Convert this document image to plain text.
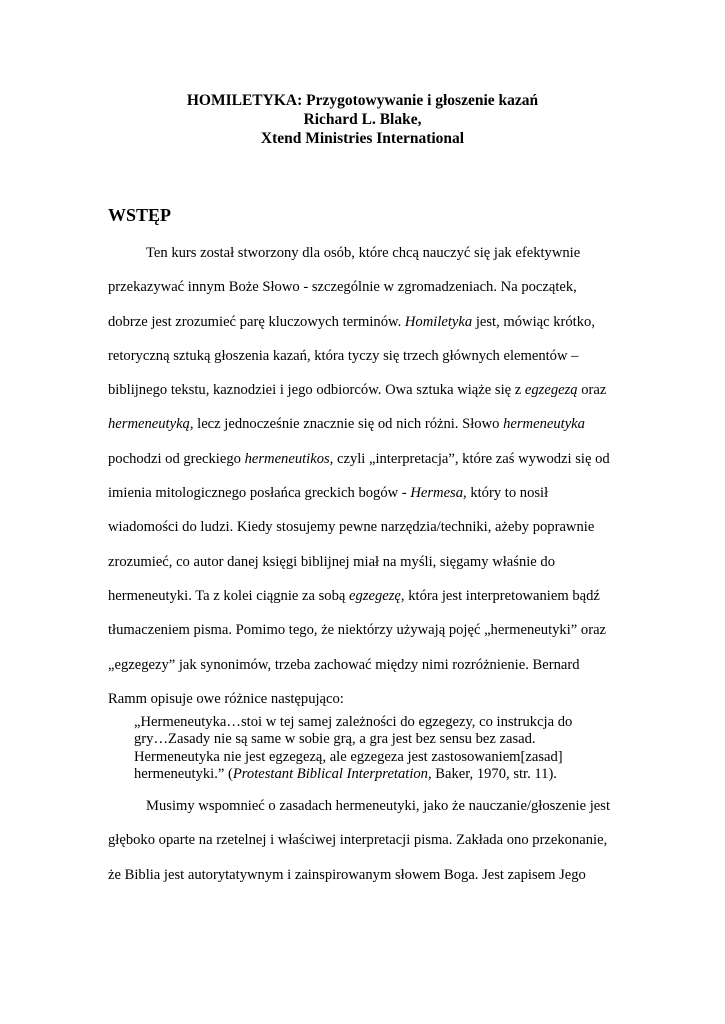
HOMILETYKA: Przygotowywanie i głoszenie kazań
Richard L. Blake,
Xtend Ministries International
WSTĘP
Ten kurs został stworzony dla osób, które chcą nauczyć się jak efektywnie
przekazywać innym Boże Słowo - szczególnie w zgromadzeniach. Na początek,
dobrze jest zrozumieć parę kluczowych terminów. Homiletyka jest, mówiąc krótko,
retoryczną sztuką głoszenia kazań, która tyczy się trzech głównych elementów –
biblijnego tekstu, kaznodziei i jego odbiorców. Owa sztuka wiąże się z egzegezą oraz
hermeneutyką, lecz jednocześnie znacznie się od nich różni. Słowo hermeneutyka
pochodzi od greckiego hermeneutikos, czyli „interpretacja”, które zaś wywodzi się od
imienia mitologicznego posłańca greckich bogów - Hermesa, który to nosił
wiadomości do ludzi. Kiedy stosujemy pewne narzędzia/techniki, ażeby poprawnie
zrozumieć, co autor danej księgi biblijnej miał na myśli, sięgamy właśnie do
hermeneutyki. Ta z kolei ciągnie za sobą egzegezę, która jest interpretowaniem bądź
tłumaczeniem pisma. Pomimo tego, że niektórzy używają pojęć „hermeneutyki” oraz
„egzegezy” jak synonimów, trzeba zachować między nimi rozróżnienie. Bernard
Ramm opisuje owe różnice następująco:
„Hermeneutyka…stoi w tej samej zależności do egzegezy, co instrukcja do
gry…Zasady nie są same w sobie grą, a gra jest bez sensu bez zasad.
Hermeneutyka nie jest egzegezą, ale egzegeza jest zastosowaniem[zasad]
hermeneutyki.” (Protestant Biblical Interpretation, Baker, 1970, str. 11).
Musimy wspomnieć o zasadach hermeneutyki, jako że nauczanie/głoszenie jest
głęboko oparte na rzetelnej i właściwej interpretacji pisma. Zakłada ono przekonanie,
że Biblia jest autorytatywnym i zainspirowanym słowem Boga. Jest zapisem Jego
